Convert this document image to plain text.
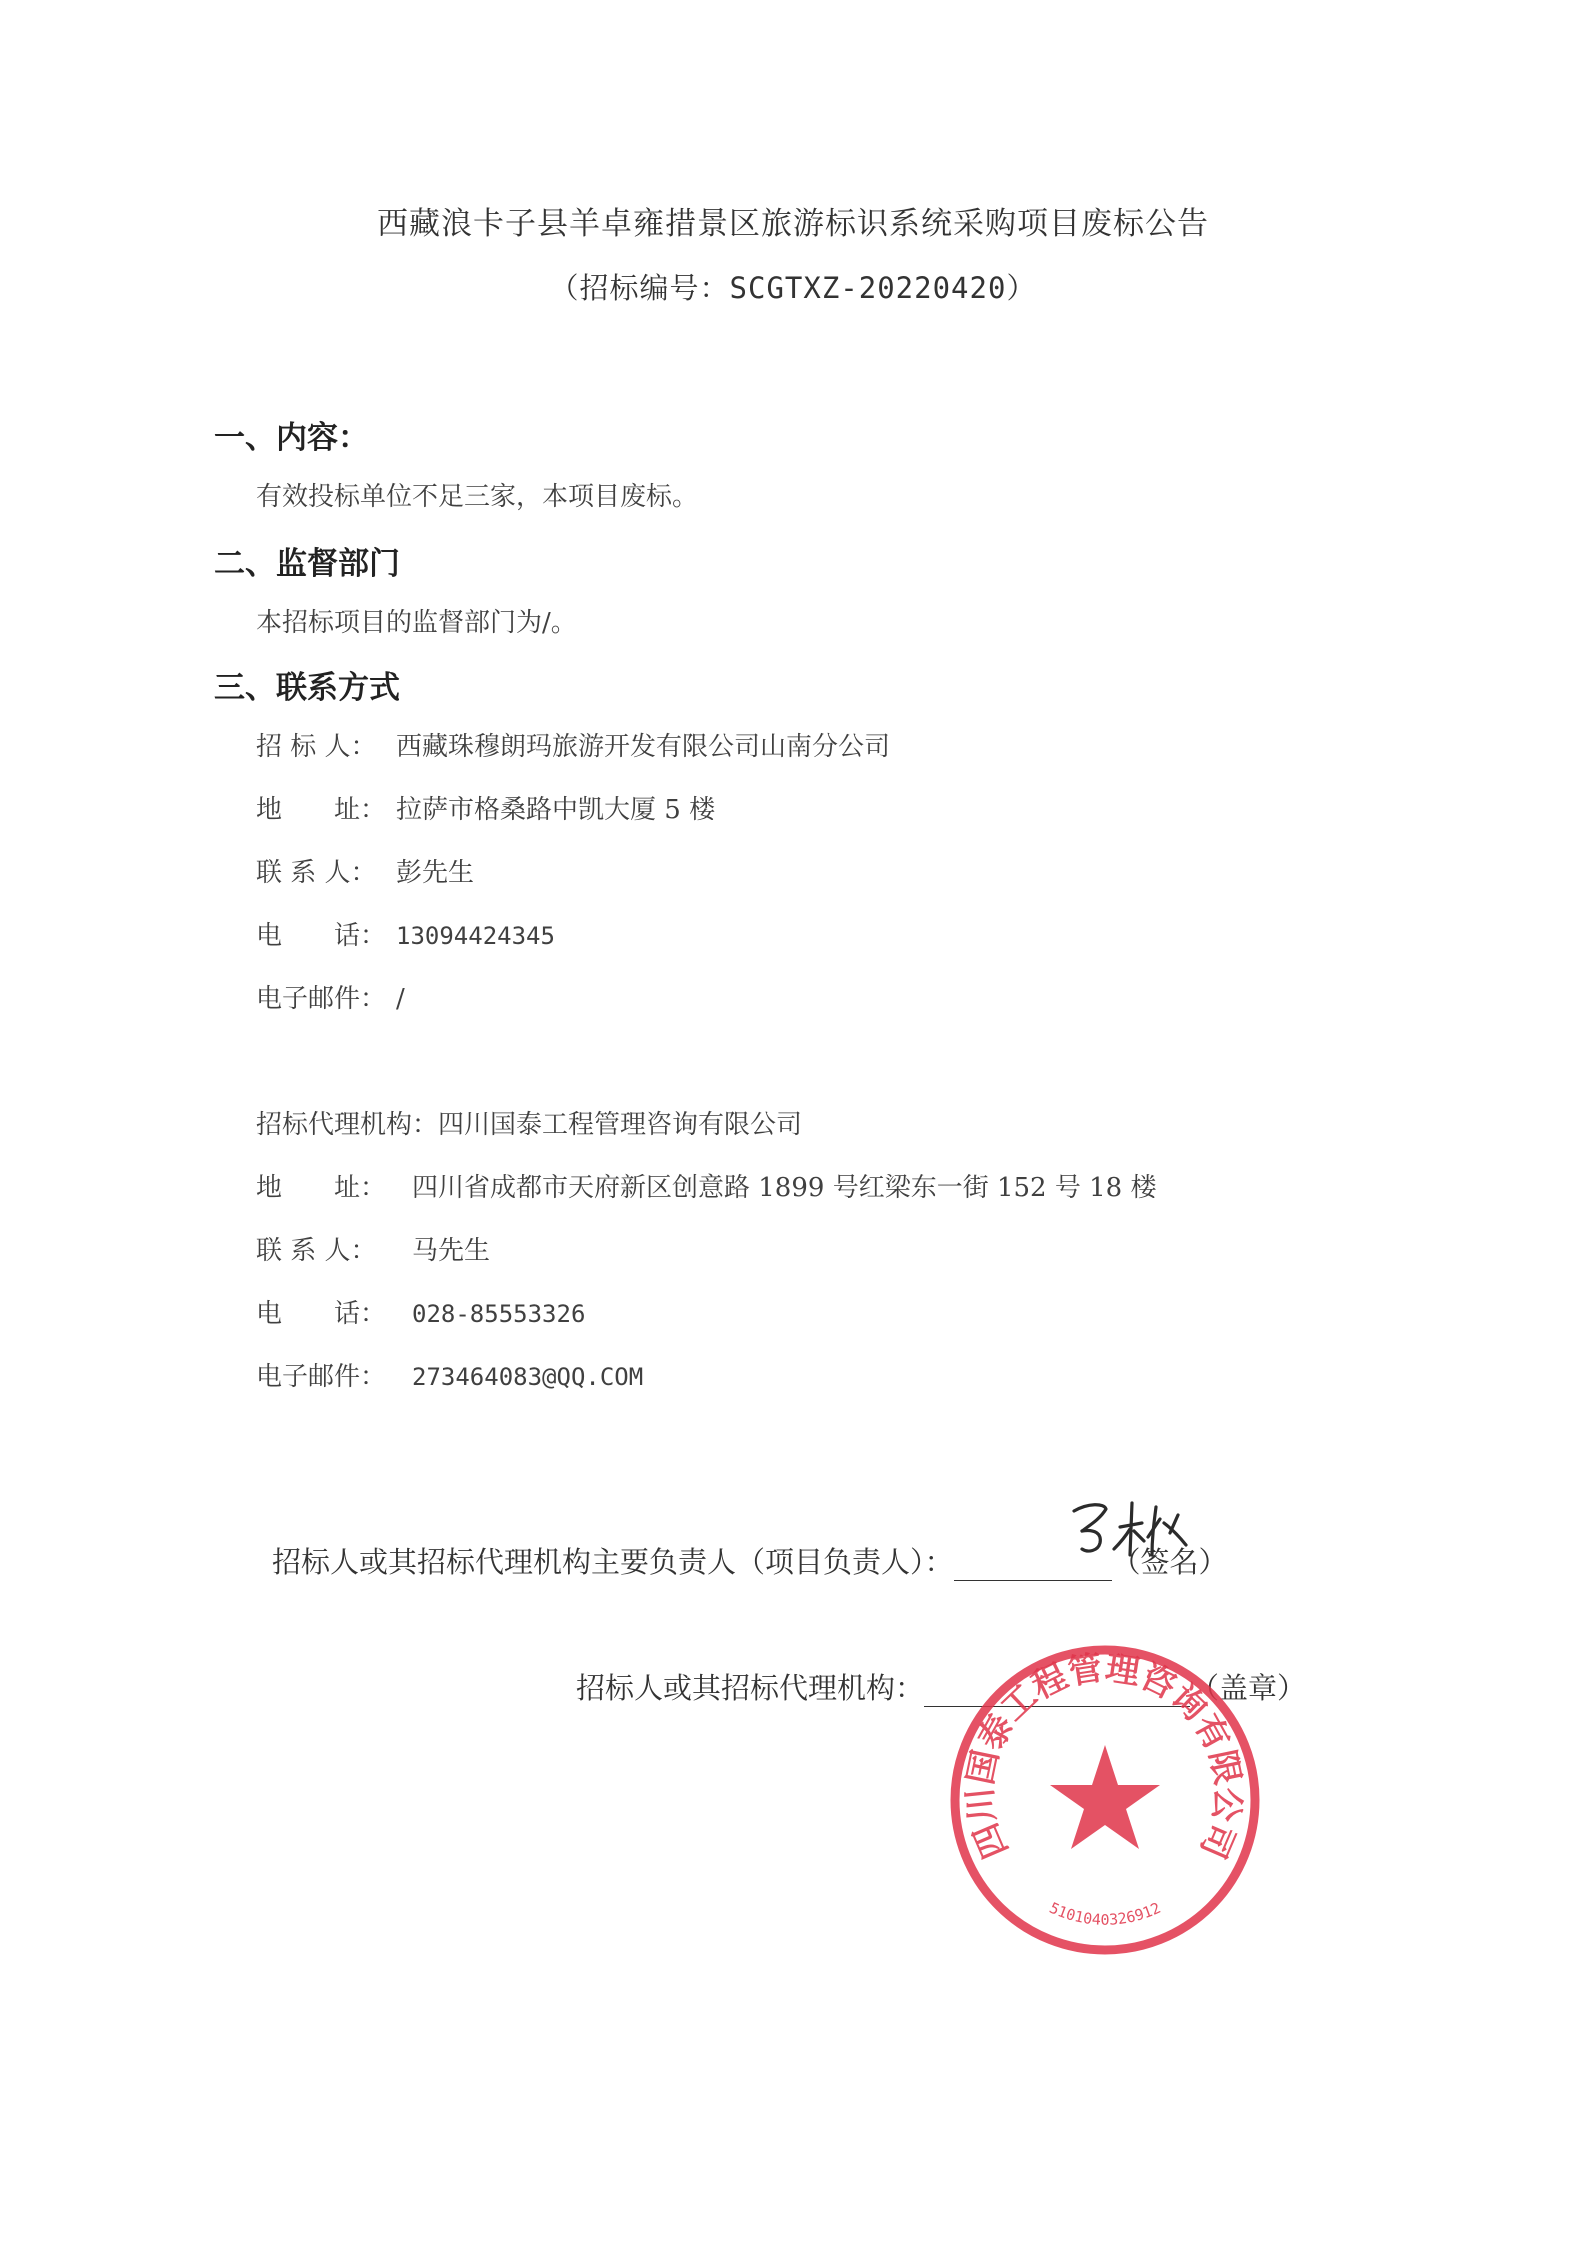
西藏浪卡子县羊卓雍措景区旅游标识系统采购项目废标公告
（招标编号：SCGTXZ-20220420）
一、内容：
有效投标单位不足三家，本项目废标。
二、监督部门
本招标项目的监督部门为/。
三、联系方式
招 标 人： 西藏珠穆朗玛旅游开发有限公司山南分公司
地　　址： 拉萨市格桑路中凯大厦 5 楼
联 系 人： 彭先生
电　　话： 13094424345
电子邮件： /
招标代理机构：四川国泰工程管理咨询有限公司
地　　址： 四川省成都市天府新区创意路 1899 号红梁东一街 152 号 18 楼
联 系 人： 马先生
电　　话： 028-85553326
电子邮件： 273464083@QQ.COM
招标人或其招标代理机构主要负责人（项目负责人）：	（签名）
招标人或其招标代理机构：	（盖章）
四川国泰工程管理咨询有限公司
5101040326912
